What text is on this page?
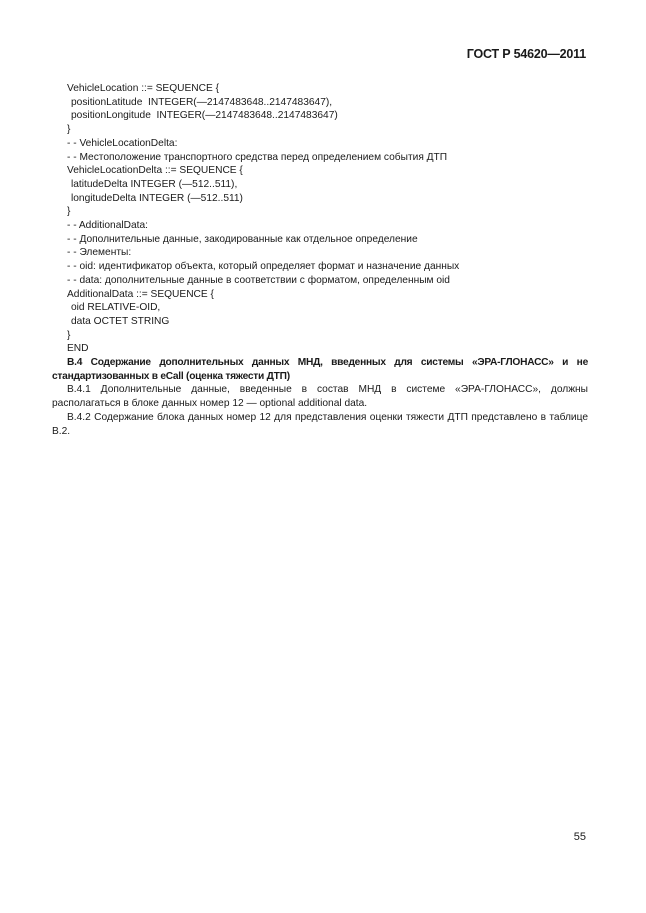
ГОСТ Р 54620—2011
VehicleLocation ::= SEQUENCE {
positionLatitude  INTEGER(—2147483648..2147483647),
positionLongitude  INTEGER(—2147483648..2147483647)
}
- - VehicleLocationDelta:
- - Местоположение транспортного средства перед определением события ДТП
VehicleLocationDelta ::= SEQUENCE {
latitudeDelta INTEGER (—512..511),
longitudeDelta INTEGER (—512..511)
}
- - AdditionalData:
- - Дополнительные данные, закодированные как отдельное определение
- - Элементы:
- - oid: идентификатор объекта, который определяет формат и назначение данных
- - data: дополнительные данные в соответствии с форматом, определенным oid
AdditionalData ::= SEQUENCE {
oid RELATIVE-OID,
data OCTET STRING
}
END
B.4 Содержание дополнительных данных МНД, введенных для системы «ЭРА-ГЛОНАСС» и не стандартизованных в eCall (оценка тяжести ДТП)
B.4.1 Дополнительные данные, введенные в состав МНД в системе «ЭРА-ГЛОНАСС», должны располагаться в блоке данных номер 12 — optional additional data.
B.4.2 Содержание блока данных номер 12 для представления оценки тяжести ДТП представлено в таблице B.2.
55
